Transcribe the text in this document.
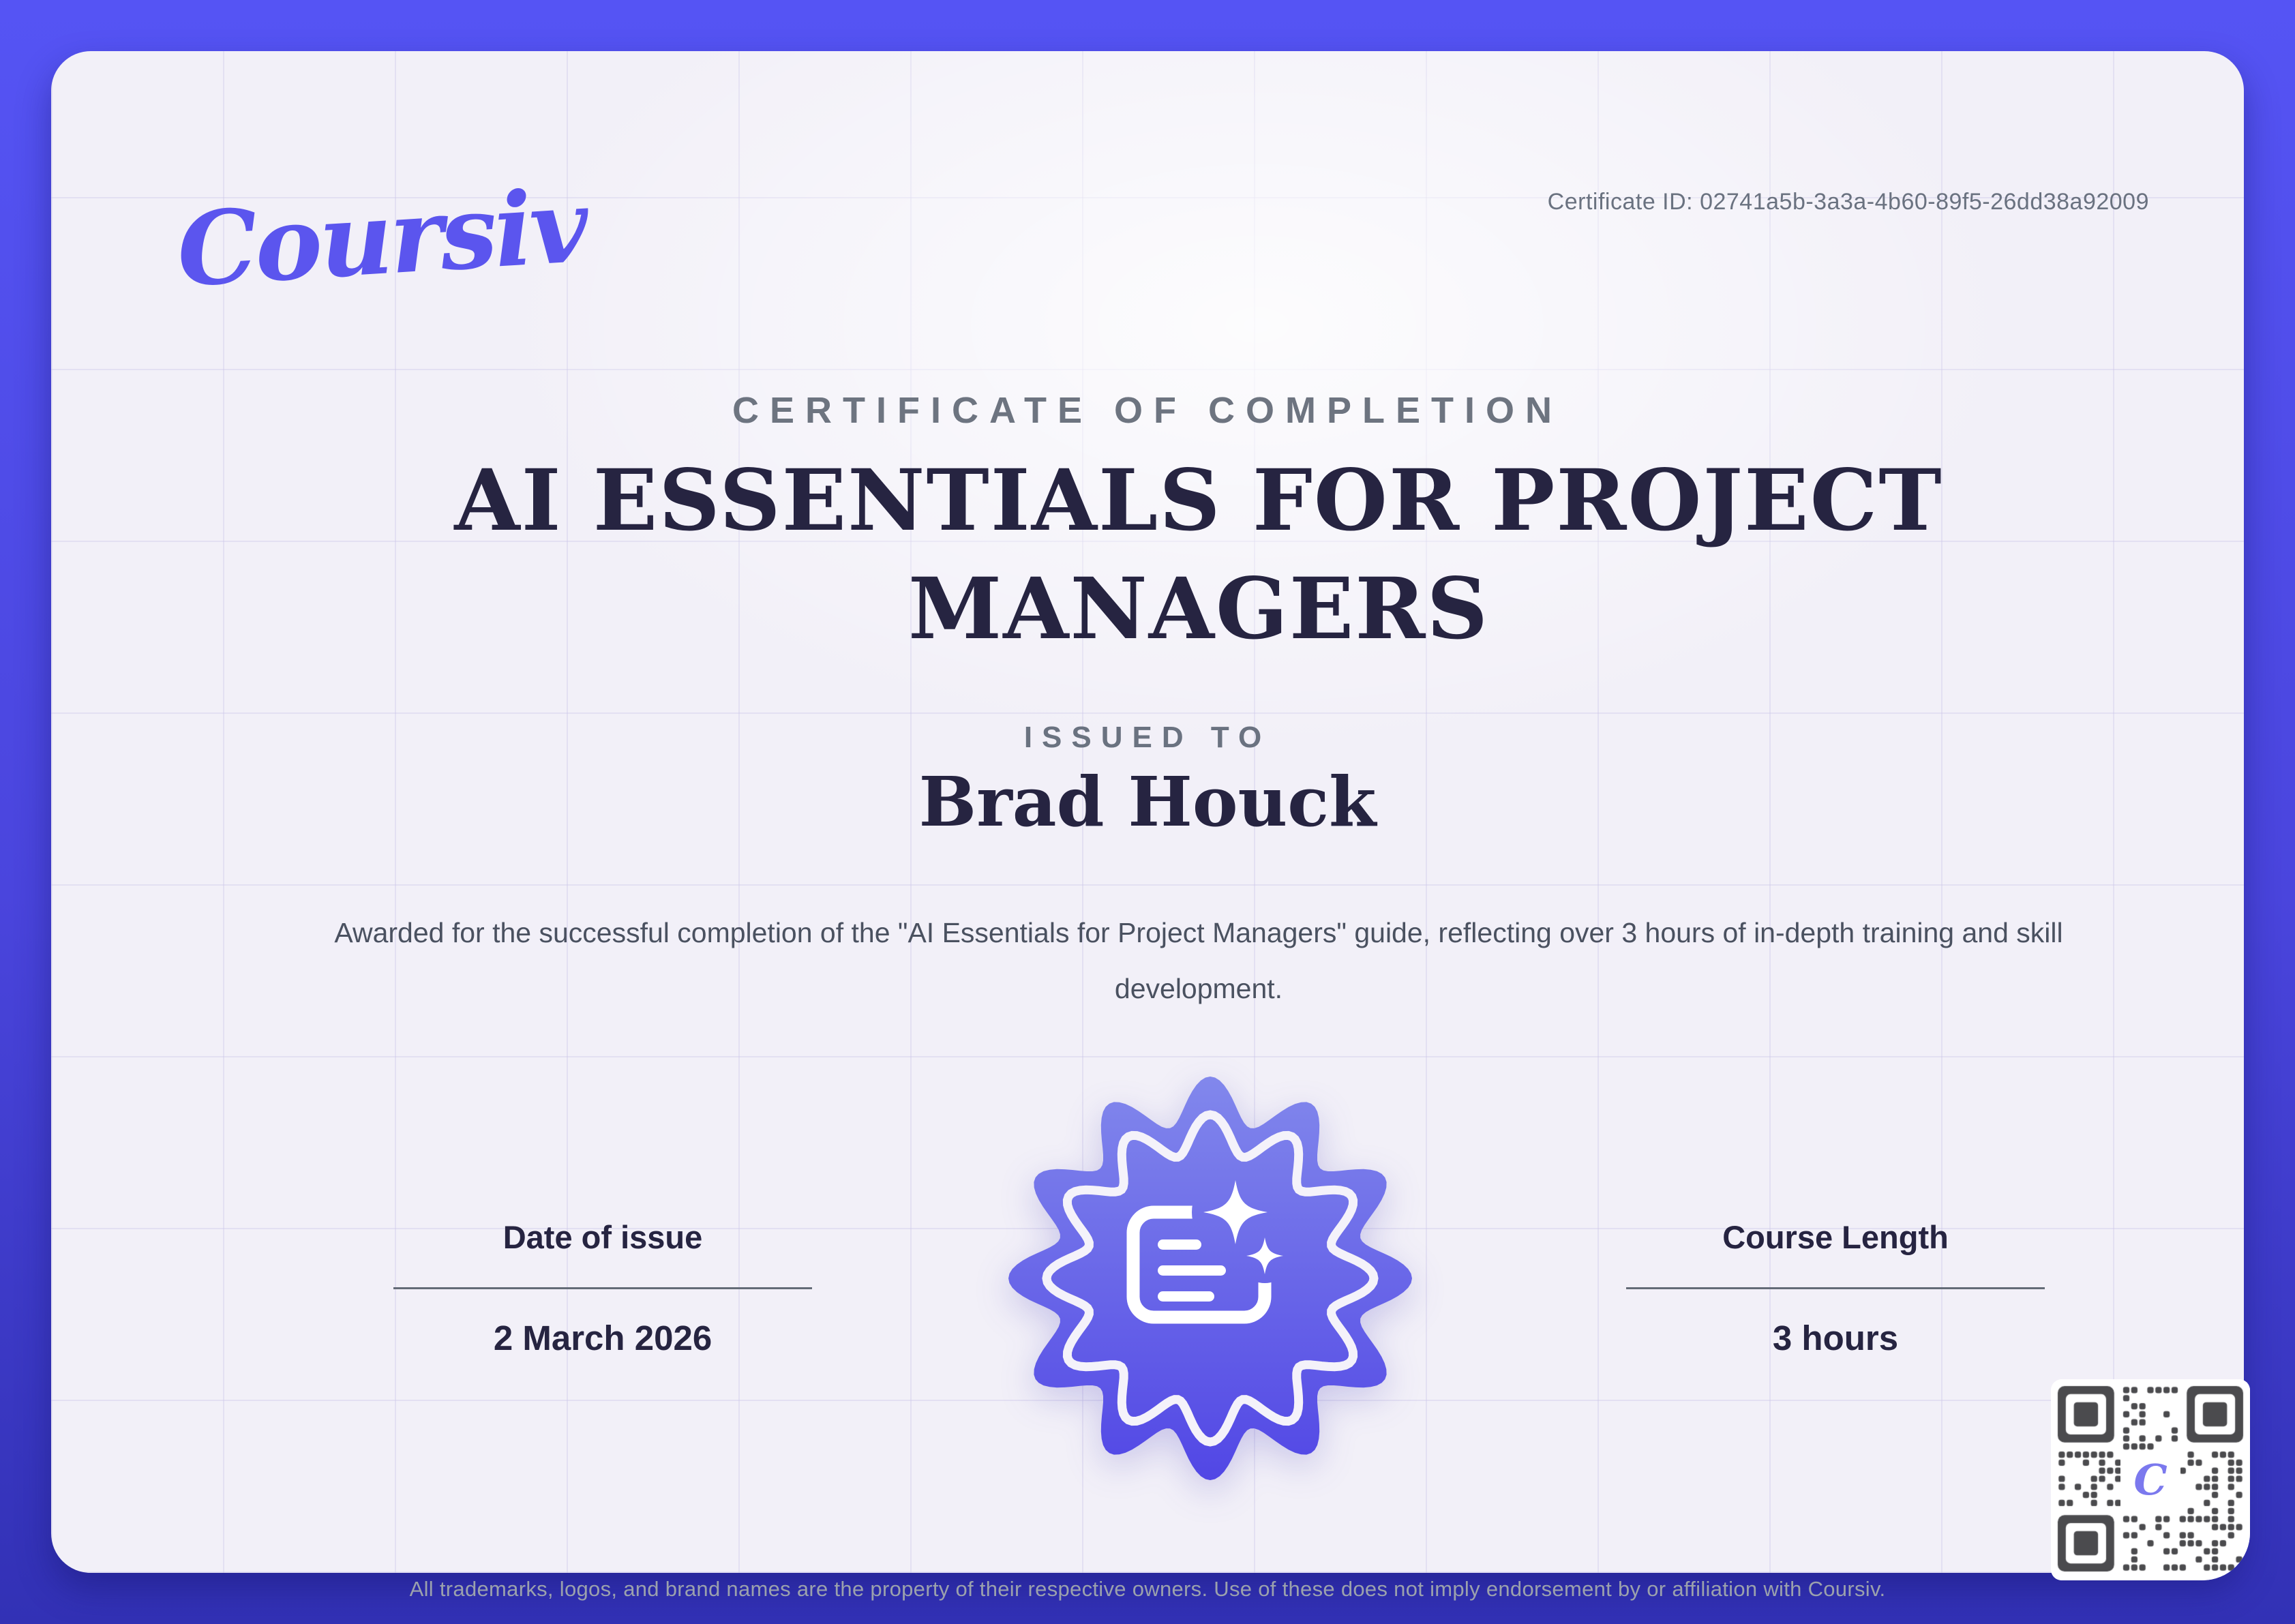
Coursiv	Certificate ID: 02741a5b-3a3a-4b60-89f5-26dd38a92009
CERTIFICATE OF COMPLETION
AI ESSENTIALS FOR PROJECT MANAGERS
ISSUED TO
Brad Houck
Awarded for the successful completion of the "AI Essentials for Project Managers" guide, reflecting over 3 hours of in-depth training and skill development.
Date of issue
2 March 2026
Course Length
3 hours
C
All trademarks, logos, and brand names are the property of their respective owners. Use of these does not imply endorsement by or affiliation with Coursiv.
